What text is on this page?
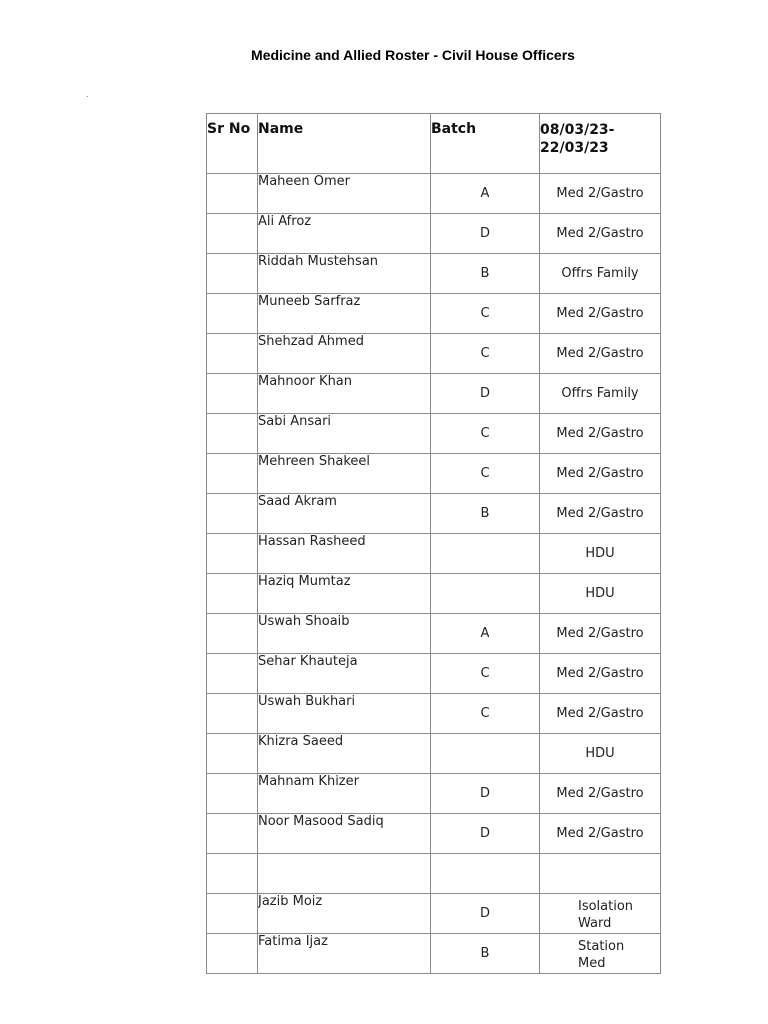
Medicine and Allied Roster - Civil House Officers
.
Sr No	Name	Batch	08/03/23-22/03/23
	Maheen Omer	A	Med 2/Gastro
	Ali Afroz	D	Med 2/Gastro
	Riddah Mustehsan	B	Offrs Family
	Muneeb Sarfraz	C	Med 2/Gastro
	Shehzad Ahmed	C	Med 2/Gastro
	Mahnoor Khan	D	Offrs Family
	Sabi Ansari	C	Med 2/Gastro
	Mehreen Shakeel	C	Med 2/Gastro
	Saad Akram	B	Med 2/Gastro
	Hassan Rasheed		HDU
	Haziq Mumtaz		HDU
	Uswah Shoaib	A	Med 2/Gastro
	Sehar Khauteja	C	Med 2/Gastro
	Uswah Bukhari	C	Med 2/Gastro
	Khizra Saeed		HDU
	Mahnam Khizer	D	Med 2/Gastro
	Noor Masood Sadiq	D	Med 2/Gastro

	Jazib Moiz	D	Isolation Ward

	Fatima Ijaz	B	Station Med
